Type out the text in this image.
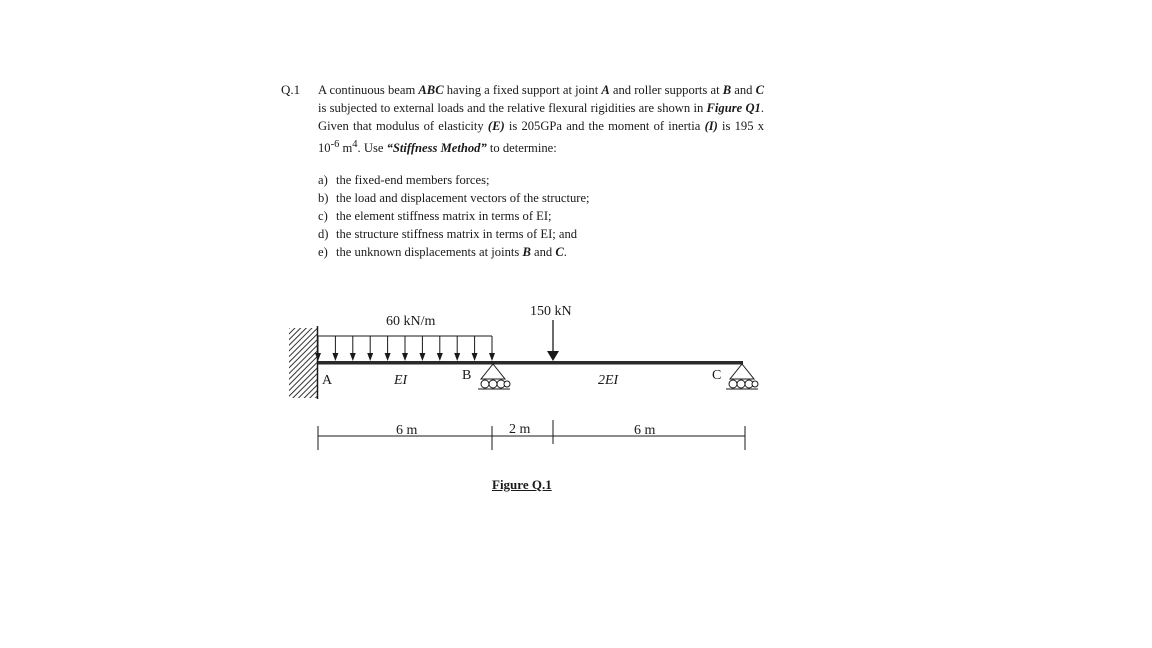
Q.1 A continuous beam ABC having a fixed support at joint A and roller supports at B and C is subjected to external loads and the relative flexural rigidities are shown in Figure Q1. Given that modulus of elasticity (E) is 205GPa and the moment of inertia (I) is 195 x $10^{-6}$ $m^4$. Use “Stiffness Method” to determine:
a) the fixed-end members forces;
b) the load and displacement vectors of the structure;
c) the element stiffness matrix in terms of EI;
d) the structure stiffness matrix in terms of EI; and
e) the unknown displacements at joints B and C.
60 kN/m
150 kN
A	B	C
EI	2EI
6 m	2 m	6 m
Figure Q.1
